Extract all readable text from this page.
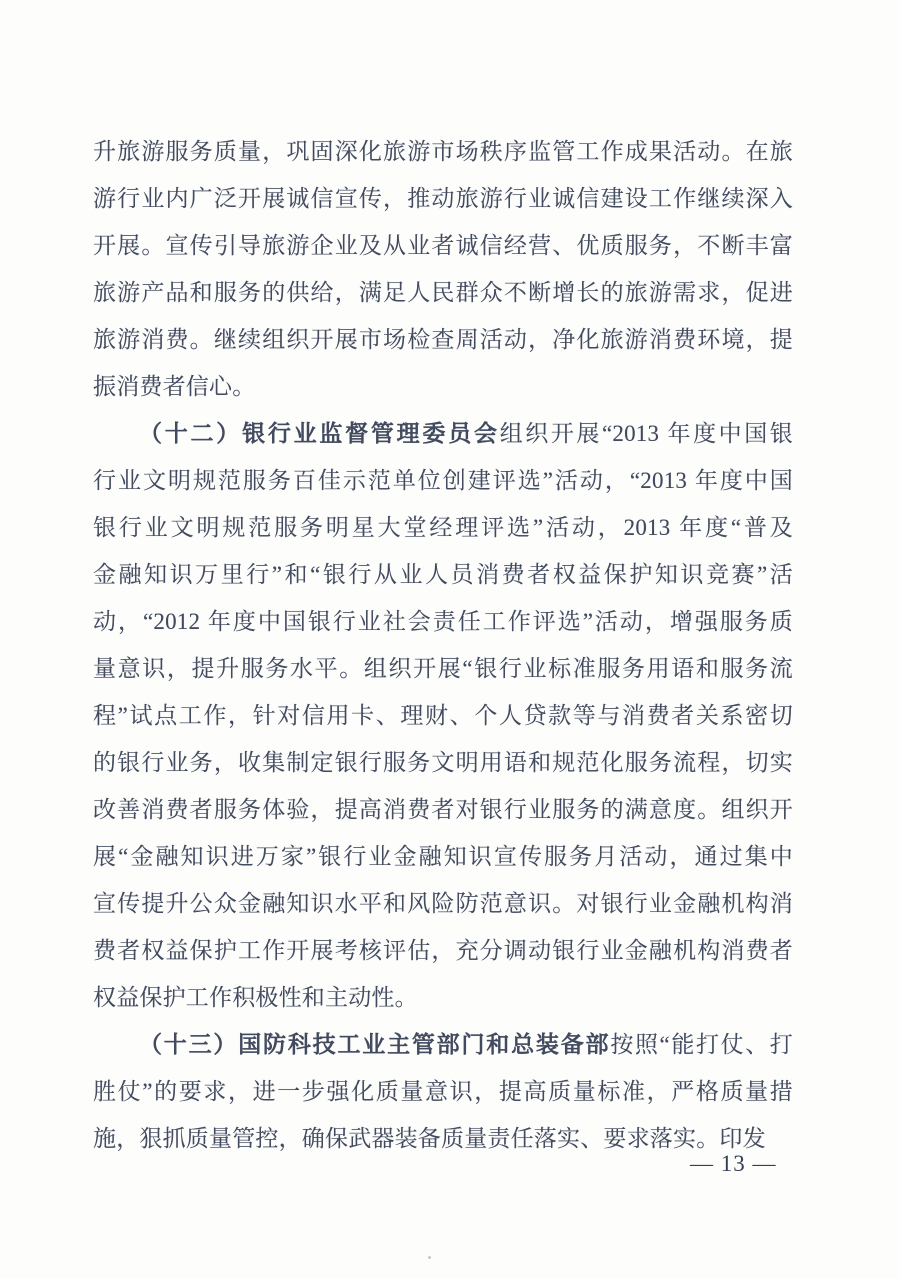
升旅游服务质量，巩固深化旅游市场秩序监管工作成果活动。在旅
游行业内广泛开展诚信宣传，推动旅游行业诚信建设工作继续深入
开展。宣传引导旅游企业及从业者诚信经营、优质服务，不断丰富
旅游产品和服务的供给，满足人民群众不断增长的旅游需求，促进
旅游消费。继续组织开展市场检查周活动，净化旅游消费环境，提
振消费者信心。
（十二）银行业监督管理委员会组织开展“2013 年度中国银
行业文明规范服务百佳示范单位创建评选”活动，“2013 年度中国
银行业文明规范服务明星大堂经理评选”活动，2013 年度“普及
金融知识万里行”和“银行从业人员消费者权益保护知识竞赛”活
动，“2012 年度中国银行业社会责任工作评选”活动，增强服务质
量意识，提升服务水平。组织开展“银行业标准服务用语和服务流
程”试点工作，针对信用卡、理财、个人贷款等与消费者关系密切
的银行业务，收集制定银行服务文明用语和规范化服务流程，切实
改善消费者服务体验，提高消费者对银行业服务的满意度。组织开
展“金融知识进万家”银行业金融知识宣传服务月活动，通过集中
宣传提升公众金融知识水平和风险防范意识。对银行业金融机构消
费者权益保护工作开展考核评估，充分调动银行业金融机构消费者
权益保护工作积极性和主动性。
（十三）国防科技工业主管部门和总装备部按照“能打仗、打
胜仗”的要求，进一步强化质量意识，提高质量标准，严格质量措
施，狠抓质量管控，确保武器装备质量责任落实、要求落实。印发
— 13 —
